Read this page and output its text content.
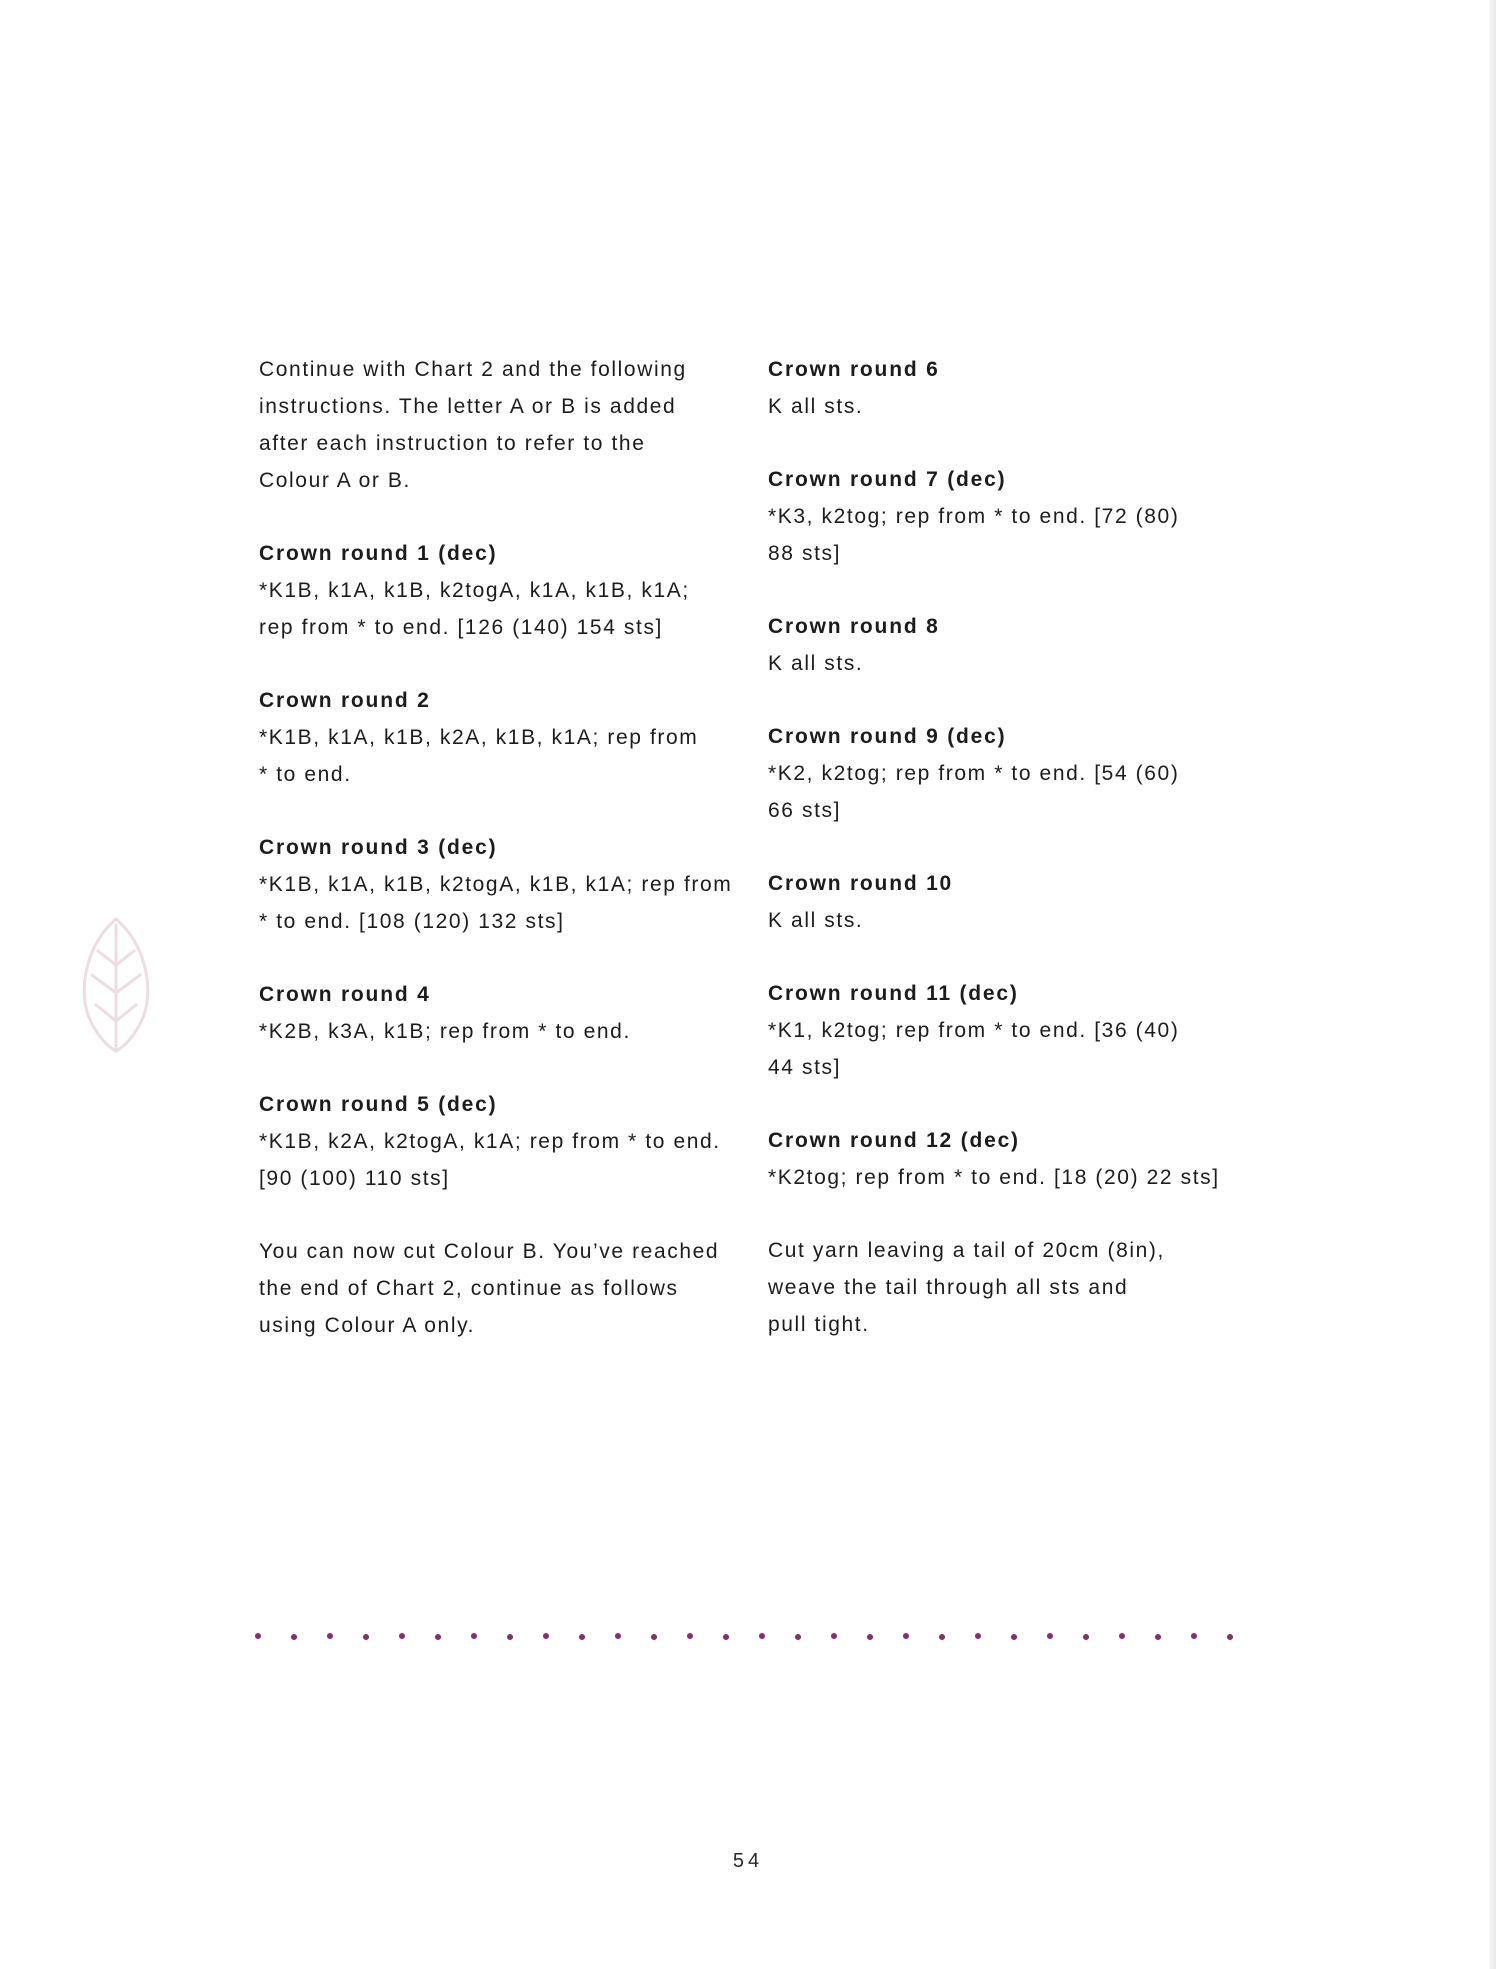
Continue with Chart 2 and the following

instructions. The letter A or B is added

after each instruction to refer to the

Colour A or B.

Crown round 1 (dec)

*K1B, k1A, k1B, k2togA, k1A, k1B, k1A;

rep from * to end. [126 (140) 154 sts]

Crown round 2

*K1B, k1A, k1B, k2A, k1B, k1A; rep from

* to end.

Crown round 3 (dec)

*K1B, k1A, k1B, k2togA, k1B, k1A; rep from

* to end. [108 (120) 132 sts]

Crown round 4

*K2B, k3A, k1B; rep from * to end.

Crown round 5 (dec)

*K1B, k2A, k2togA, k1A; rep from * to end.

[90 (100) 110 sts]

You can now cut Colour B. You’ve reached

the end of Chart 2, continue as follows

using Colour A only.

Crown round 6

K all sts.

Crown round 7 (dec)

*K3, k2tog; rep from * to end. [72 (80)

88 sts]

Crown round 8

K all sts.

Crown round 9 (dec)

*K2, k2tog; rep from * to end. [54 (60)

66 sts]

Crown round 10

K all sts.

Crown round 11 (dec)

*K1, k2tog; rep from * to end. [36 (40)

44 sts]

Crown round 12 (dec)

*K2tog; rep from * to end. [18 (20) 22 sts]

Cut yarn leaving a tail of 20cm (8in),

weave the tail through all sts and

pull tight.

54
